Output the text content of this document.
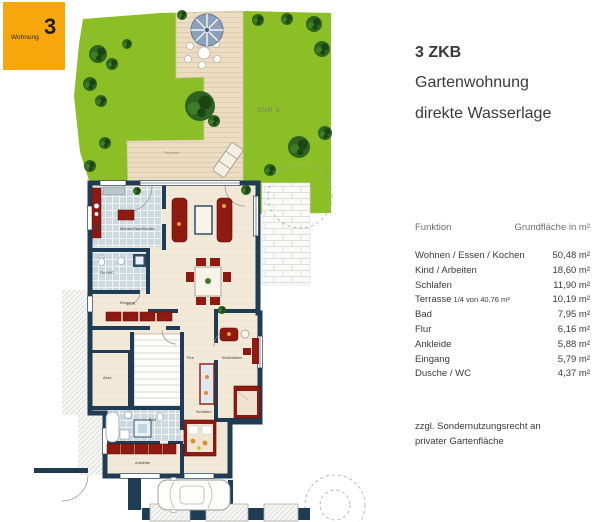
SNR 3
Terrasse
Wohnen/Essen/Kochen
Du./WC
Eingang
Flur
Abst.
Kind/Arbeiten
Schlafen
Bad
Ankleide
Wohnung 3
3 ZKB
Gartenwohnung
direkte Wasserlage
Funktion	Grundfläche in m²
Wohnen / Essen / Kochen	50,48 m²
Kind / Arbeiten	18,60 m²
Schlafen	11,90 m²
Terrasse 1/4 von 40,76 m²	10,19 m²
Bad	7,95 m²
Flur	6,16 m²
Ankleide	5,88 m²
Eingang	5,79 m²
Dusche / WC	4,37 m²
zzgl. Sondernutzungsrecht an
privater Gartenfläche
